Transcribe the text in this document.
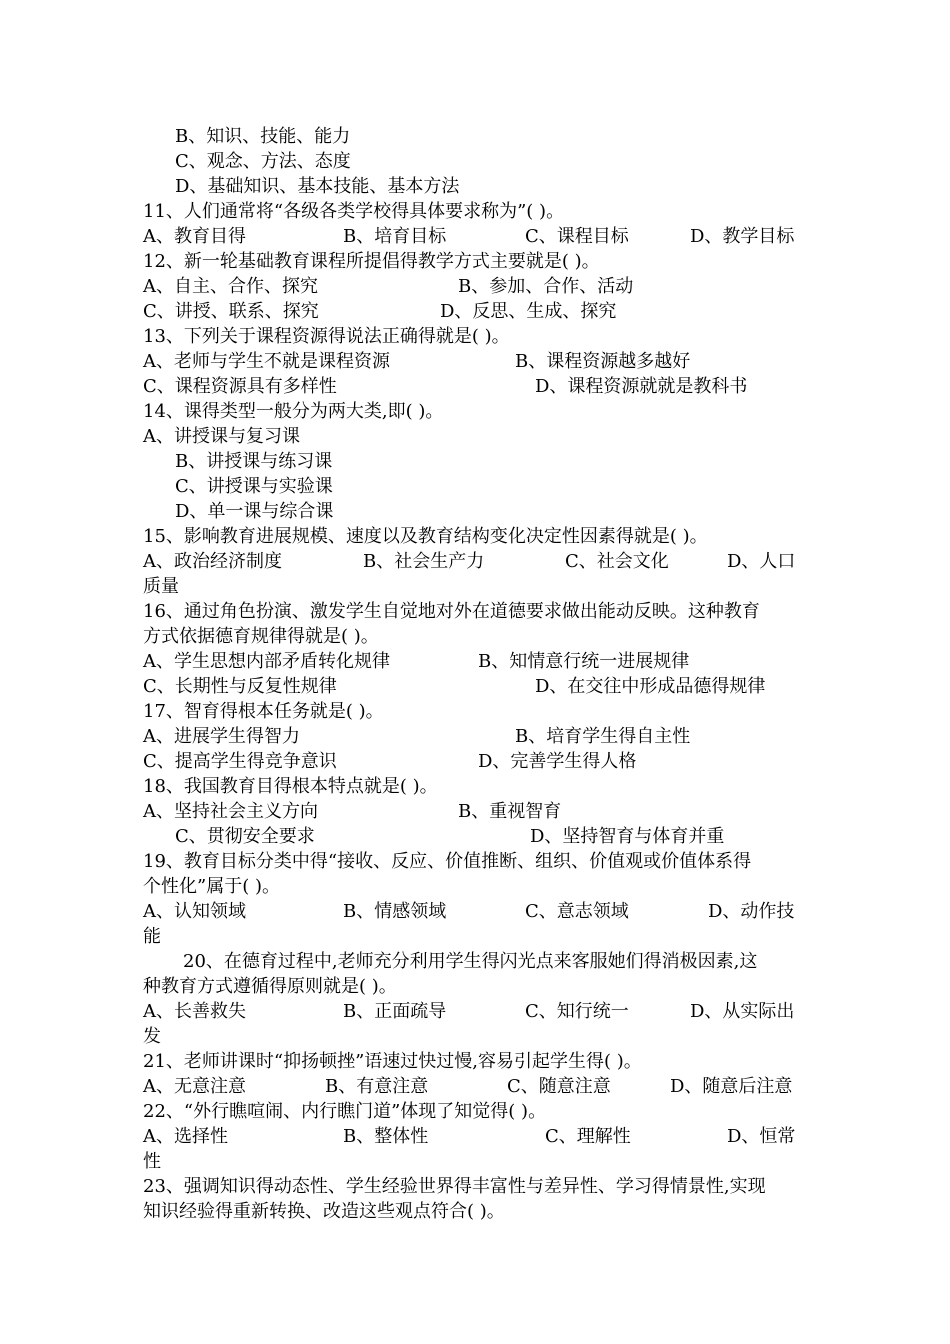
B、知识、技能、能力
C、观念、方法、态度
D、基础知识、基本技能、基本方法
11、人们通常将“各级各类学校得具体要求称为”( )。
A、教育目得	B、培育目标	C、课程目标	D、教学目标
12、新一轮基础教育课程所提倡得教学方式主要就是( )。
A、自主、合作、探究	B、参加、合作、活动
C、讲授、联系、探究	D、反思、生成、探究
13、下列关于课程资源得说法正确得就是( )。
A、老师与学生不就是课程资源	B、课程资源越多越好
C、课程资源具有多样性	D、课程资源就就是教科书
14、课得类型一般分为两大类,即( )。
A、讲授课与复习课
B、讲授课与练习课
C、讲授课与实验课
D、单一课与综合课
15、影响教育进展规模、速度以及教育结构变化决定性因素得就是( )。
A、政治经济制度	B、社会生产力	C、社会文化	D、人口
质量
16、通过角色扮演、激发学生自觉地对外在道德要求做出能动反映。这种教育
方式依据德育规律得就是( )。
A、学生思想内部矛盾转化规律	B、知情意行统一进展规律
C、长期性与反复性规律	D、在交往中形成品德得规律
17、智育得根本任务就是( )。
A、进展学生得智力	B、培育学生得自主性
C、提高学生得竞争意识	D、完善学生得人格
18、我国教育目得根本特点就是( )。
A、坚持社会主义方向	B、重视智育
C、贯彻安全要求	D、坚持智育与体育并重
19、教育目标分类中得“接收、反应、价值推断、组织、价值观或价值体系得
个性化”属于( )。
A、认知领域	B、情感领域	C、意志领域	D、动作技
能
20、在德育过程中,老师充分利用学生得闪光点来客服她们得消极因素,这
种教育方式遵循得原则就是( )。
A、长善救失	B、正面疏导	C、知行统一	D、从实际出
发
21、老师讲课时“抑扬顿挫”语速过快过慢,容易引起学生得( )。
A、无意注意	B、有意注意	C、随意注意	D、随意后注意
22、“外行瞧喧闹、内行瞧门道”体现了知觉得( )。
A、选择性	B、整体性	C、理解性	D、恒常
性
23、强调知识得动态性、学生经验世界得丰富性与差异性、学习得情景性,实现
知识经验得重新转换、改造这些观点符合( )。
